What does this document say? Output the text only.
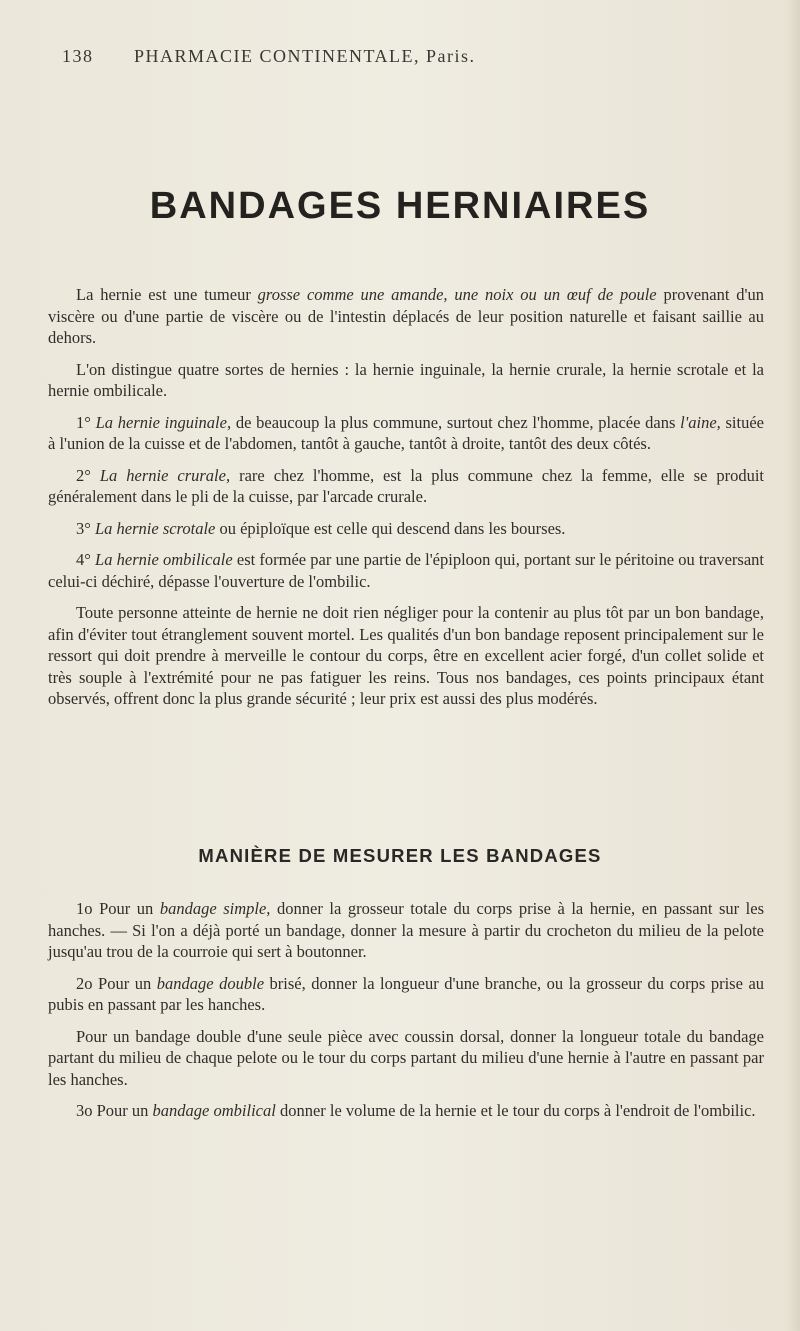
138 PHARMACIE CONTINENTALE, Paris.
BANDAGES HERNIAIRES

La hernie est une tumeur grosse comme une amande, une noix ou un œuf de poule provenant d'un viscère ou d'une partie de viscère ou de l'intestin déplacés de leur position naturelle et faisant saillie au dehors.

L'on distingue quatre sortes de hernies : la hernie inguinale, la hernie crurale, la hernie scrotale et la hernie ombilicale.

1° La hernie inguinale, de beaucoup la plus commune, surtout chez l'homme, placée dans l'aine, située à l'union de la cuisse et de l'abdomen, tantôt à gauche, tantôt à droite, tantôt des deux côtés.

2° La hernie crurale, rare chez l'homme, est la plus commune chez la femme, elle se produit généralement dans le pli de la cuisse, par l'arcade crurale.

3° La hernie scrotale ou épiploïque est celle qui descend dans les bourses.

4° La hernie ombilicale est formée par une partie de l'épiploon qui, portant sur le péritoine ou traversant celui-ci déchiré, dépasse l'ouverture de l'ombilic.

Toute personne atteinte de hernie ne doit rien négliger pour la contenir au plus tôt par un bon bandage, afin d'éviter tout étranglement souvent mortel. Les qualités d'un bon bandage reposent principalement sur le ressort qui doit prendre à merveille le contour du corps, être en excellent acier forgé, d'un collet solide et très souple à l'extrémité pour ne pas fatiguer les reins. Tous nos bandages, ces points principaux étant observés, offrent donc la plus grande sécurité ; leur prix est aussi des plus modérés.

MANIÈRE DE MESURER LES BANDAGES

1o Pour un bandage simple, donner la grosseur totale du corps prise à la hernie, en passant sur les hanches. — Si l'on a déjà porté un bandage, donner la mesure à partir du crocheton du milieu de la pelote jusqu'au trou de la courroie qui sert à boutonner.

2o Pour un bandage double brisé, donner la longueur d'une branche, ou la grosseur du corps prise au pubis en passant par les hanches.

Pour un bandage double d'une seule pièce avec coussin dorsal, donner la longueur totale du bandage partant du milieu de chaque pelote ou le tour du corps partant du milieu d'une hernie à l'autre en passant par les hanches.

3o Pour un bandage ombilical donner le volume de la hernie et le tour du corps à l'endroit de l'ombilic.
